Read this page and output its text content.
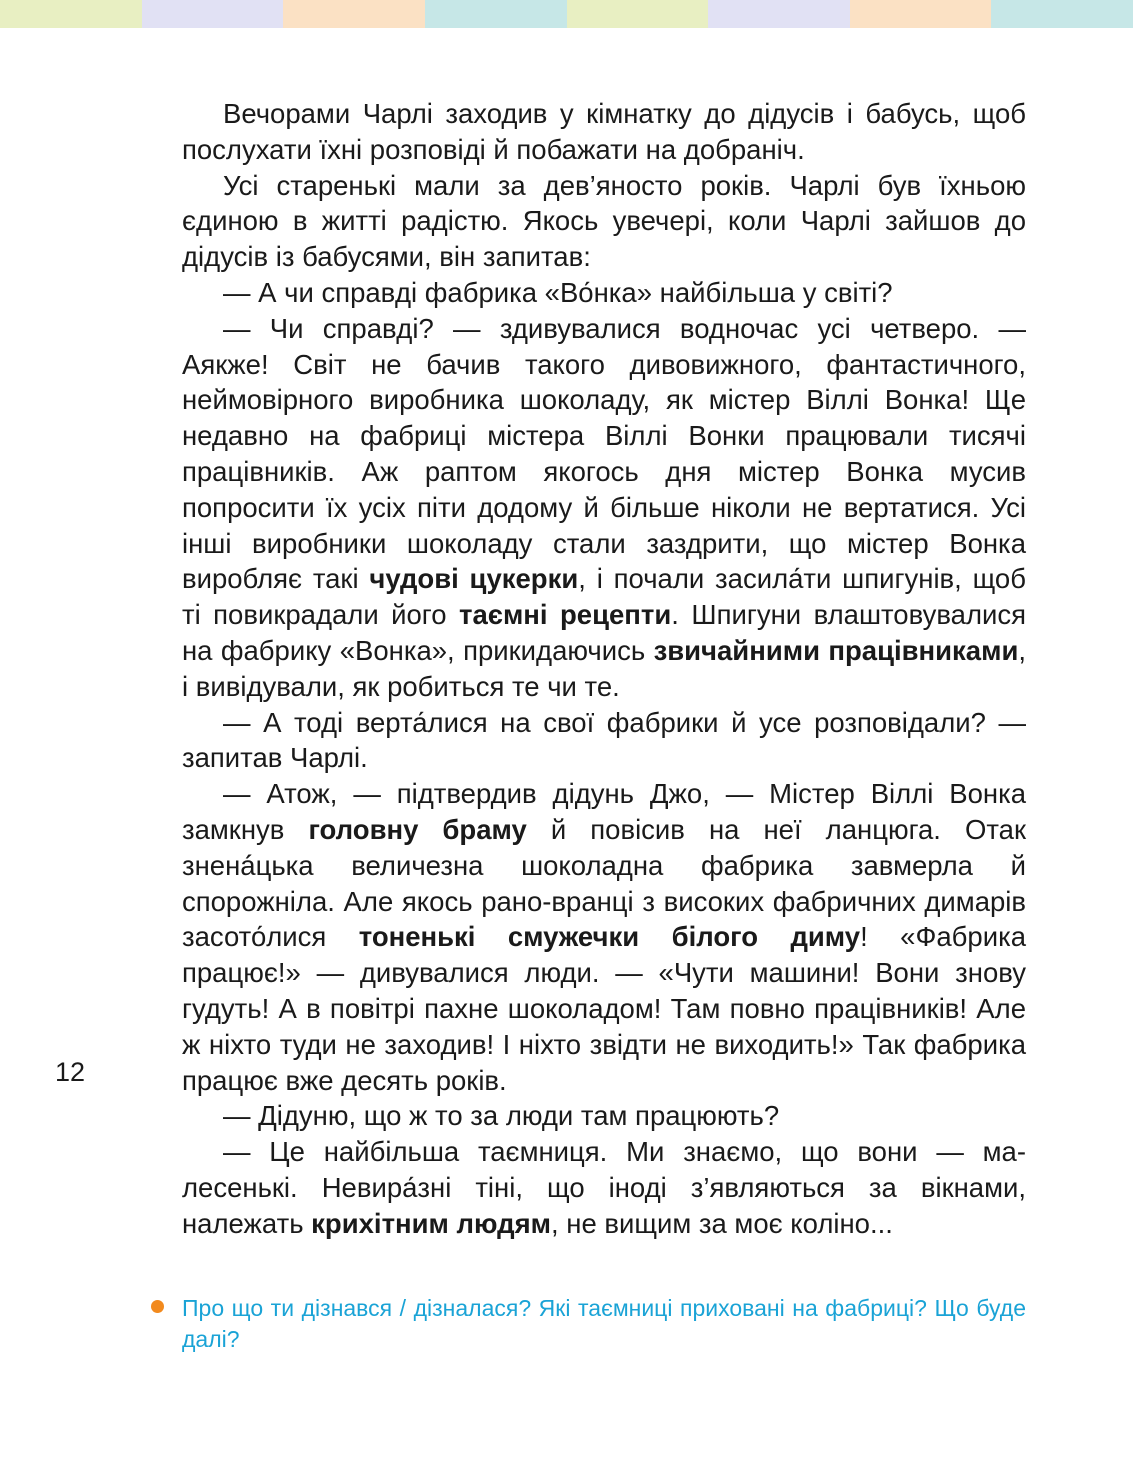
Вечорами Чарлі заходив у кімнатку до дідусів і бабусь, щоб послухати їхні розповіді й побажати на добраніч.

Усі старенькі мали за дев’яносто років. Чарлі був їхньою єдиною в житті радістю. Якось увечері, коли Чарлі зайшов до дідусів із бабусями, він запитав:

— А чи справді фабрика «Во́нка» найбільша у світі?

— Чи справді? — здивувалися водночас усі четверо. — Аякже! Світ не бачив такого дивовижного, фантастичного, неймовірного виробника шоколаду, як містер Віллі Вонка! Ще недавно на фабриці містера Віллі Вонки працювали тисячі працівників. Аж раптом якогось дня містер Вонка мусив попросити їх усіх піти додому й більше ніколи не вертатися. Усі інші виробники шоколаду стали заздрити, що містер Вонка виробляє такі чудові цукерки, і почали засила́ти шпигунів, щоб ті повикрадали його таємні рецепти. Шпигуни влаштовувалися на фабрику «Вонка», прикидаючись звичайними працівниками, і вивідували, як робиться те чи те.

— А тоді верта́лися на свої фабрики й усе розповідали? — запитав Чарлі.

— Атож, — підтвердив дідунь Джо, — Містер Віллі Вонка замкнув головну браму й повісив на неї ланцюга. Отак зненá́цька величезна шоколадна фабрика завмерла й спорожніла. Але якось рано-вранці з високих фабричних димарів засото́лися тоненькі смужечки білого диму! «Фабрика працює!» — дивувалися люди. — «Чути машини! Вони знову гудуть! А в повітрі пахне шоколадом! Там повно працівників! Але ж ніхто туди не заходив! І ніхто звідти не виходить!» Так фабрика працює вже десять років.

— Дідуню, що ж то за люди там працюють?

— Це найбільша таємниця. Ми знаємо, що вони — малесенькі. Невира́зні тіні, що іноді з’являються за вікнами, належать крихітним людям, не вищим за моє коліно...

Про що ти дізнався / дізналася? Які таємниці приховані на фабриці? Що буде далі?
12
